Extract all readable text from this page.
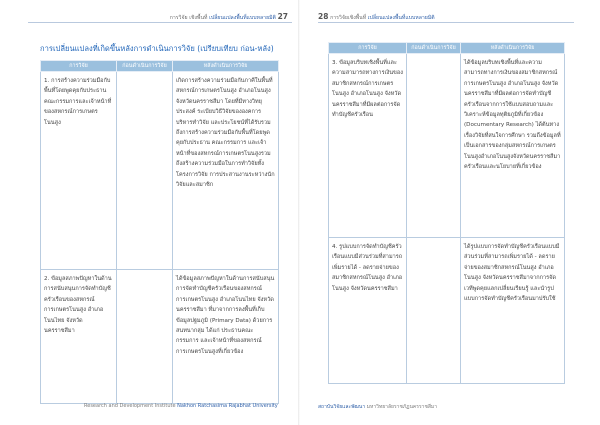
การวิจัย เชิงพื้นที่ เปลี่ยนแปลงพื้นที่แบบหลายมิติ 27
การเปลี่ยนแปลงที่เกิดขึ้นหลังการดำเนินการวิจัย (เปรียบเทียบ ก่อน-หลัง)
การวิจัย	ก่อนดำเนินการวิจัย	หลังดำเนินการวิจัย

1. การสร้างความร่วมมือกับพื้นที่โดยพูดคุยกับประธาน คณะกรรมการและเจ้าหน้าที่ของสหกรณ์การเกษตรโนนสูง		เกิดการสร้างความร่วมมือกับภาคีในพื้นที่สหกรณ์การเกษตรโนนสูง อำเภอโนนสูง จังหวัดนครราชสีมา โดยที่มีทางวิทยุประสงค์ ระเบียบวิธีวิจัยขององคการบริหารทำวิจัย และประโยชน์ที่ได้รับรวมถึงการสร้างความร่วมมือกับพื้นที่โดยพูดคุยกับประธาน คณะกรรมการ และเจ้าหน้าที่ของสหกรณ์การเกษตรโนนสูงรวมถึงสร้างความร่วมมือในการทำวิจัยทั้งโครงการวิจัย การประสานงานระหว่างนักวิจัยและสมาชิก

2. ข้อมูลสภาพปัญหาในด้านการสนับสนุนการจัดทำบัญชีครัวเรือนของสหกรณ์การเกษตรโนนสูง อำเภอโนนไทย จังหวัดนครราชสีมา		ได้ข้อมูลสภาพปัญหาในด้านการสนับสนุนการจัดทำบัญชีครัวเรือนของสหกรณ์การเกษตรโนนสูง อำเภอโนนไทย จังหวัดนครราชสีมา ที่มาจากการลงพื้นที่เก็บข้อมูลปฐมภูมิ (Primary Data) ด้วยการสนทนากลุ่ม ได้แก่ ประธานคณะกรรมการ และเจ้าหน้าที่ของสหกรณ์การเกษตรโนนสูงที่เกี่ยวข้อง
Research and Development Institute Nakhon Ratchasima Rajabhat University
28 การวิจัยเชิงพื้นที่ เปลี่ยนแปลงพื้นที่แบบหลายมิติ
การวิจัย	ก่อนดำเนินการวิจัย	หลังดำเนินการวิจัย

3. ข้อมูลบริบทเชิงพื้นที่และความสามารถทางการเงินของสมาชิกสหกรณ์การเกษตรโนนสูง อำเภอโนนสูง จังหวัดนครราชสีมาที่มีผลต่อการจัดทำบัญชีครัวเรือน		ได้ข้อมูลบริบทเชิงพื้นที่และความสามารถทางการเงินของสมาชิกสหกรณ์การเกษตรโนนสูง อำเภอโนนสูง จังหวัดนครราชสีมาที่มีผลต่อการจัดทำบัญชีครัวเรือนจากการใช้แบบสอบถามและวิเคราะห์ข้อมูลทุติยภูมิที่เกี่ยวข้อง (Documentary Research) ได้ต้นทางเรื่องวิจัยที่สนใจการศึกษา รวมถึงข้อมูลที่เป็นเอกสารของกลุ่มสหกรณ์การเกษตรโนนสูงอำเภอโนนสูงจังหวัดนครราชสีมาครัวเรือนและนโยบายที่เกี่ยวข้อง

4. รูปแบบการจัดทำบัญชีครัวเรือนแบบมีส่วนร่วมที่สามารถเพิ่มรายได้ - ลดรายจ่ายของสมาชิกสหกรณ์โนนสูง อำเภอโนนสูง จังหวัดนครราชสีมา		ได้รูปแบบการจัดทำบัญชีครัวเรือนแบบมีส่วนร่วมที่สามารถเพิ่มรายได้ - ลดรายจ่ายของสมาชิกสหกรณ์โนนสูง อำเภอโนนสูง จังหวัดนครราชสีมาจากการจัดเวทีพูดคุยแลกเปลี่ยนเรียนรู้ และนำรูปแบบการจัดทำบัญชีครัวเรือนมาปรับใช้
สถาบันวิจัยและพัฒนา มหาวิทยาลัยราชภัฏนครราชสีมา
